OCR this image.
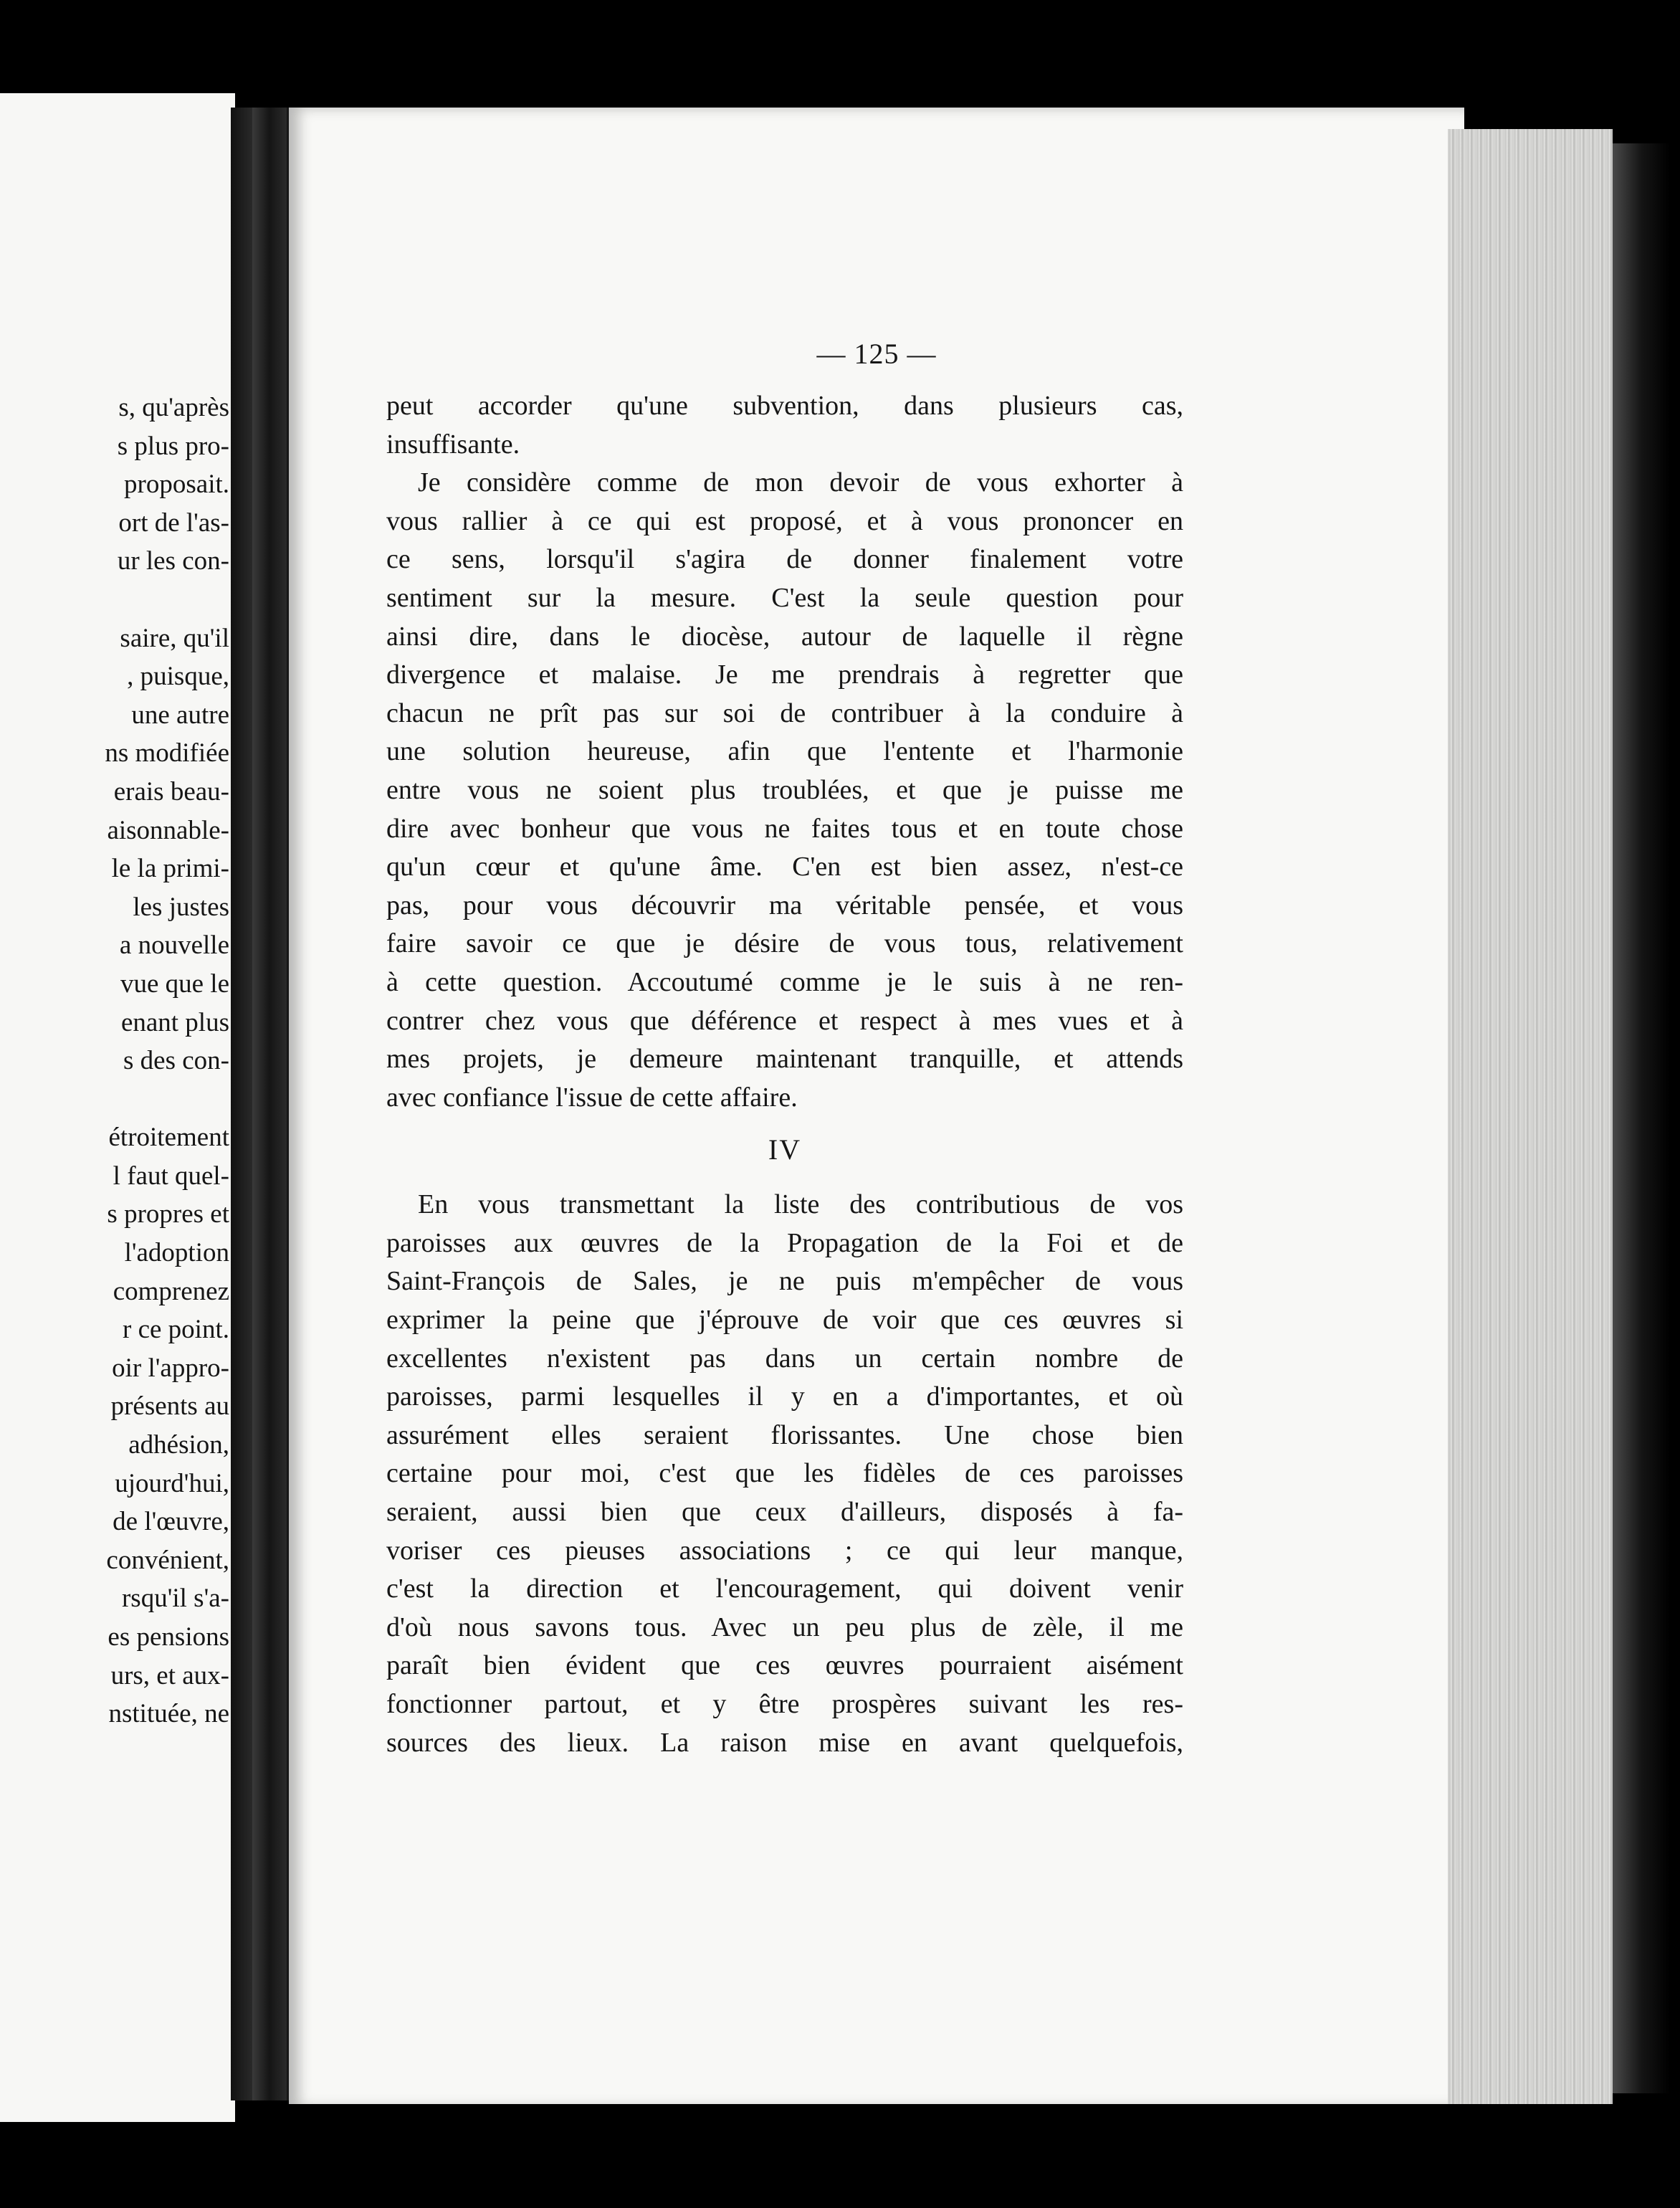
s, qu'après
s plus pro-
proposait.
ort de l'as-
ur les con-
saire, qu'il
, puisque,
une autre
ns modifiée
erais beau-
aisonnable-
le la primi-
les justes
a nouvelle
vue que le
enant plus
s des con-
étroitement
l faut quel-
s propres et
l'adoption
comprenez
r ce point.
oir l'appro-
présents au
adhésion,
ujourd'hui,
de l'œuvre,
convénient,
rsqu'il s'a-
es pensions
urs, et aux-
nstituée, ne
— 125 —
peut accorder qu'une subvention, dans plusieurs cas,
insuffisante.
Je considère comme de mon devoir de vous exhorter à
vous rallier à ce qui est proposé, et à vous prononcer en
ce sens, lorsqu'il s'agira de donner finalement votre
sentiment sur la mesure. C'est la seule question pour
ainsi dire, dans le diocèse, autour de laquelle il règne
divergence et malaise. Je me prendrais à regretter que
chacun ne prît pas sur soi de contribuer à la conduire à
une solution heureuse, afin que l'entente et l'harmonie
entre vous ne soient plus troublées, et que je puisse me
dire avec bonheur que vous ne faites tous et en toute chose
qu'un cœur et qu'une âme. C'en est bien assez, n'est-ce
pas, pour vous découvrir ma véritable pensée, et vous
faire savoir ce que je désire de vous tous, relativement
à cette question. Accoutumé comme je le suis à ne ren-
contrer chez vous que déférence et respect à mes vues et à
mes projets, je demeure maintenant tranquille, et attends
avec confiance l'issue de cette affaire.
IV
En vous transmettant la liste des contributious de vos
paroisses aux œuvres de la Propagation de la Foi et de
Saint-François de Sales, je ne puis m'empêcher de vous
exprimer la peine que j'éprouve de voir que ces œuvres si
excellentes n'existent pas dans un certain nombre de
paroisses, parmi lesquelles il y en a d'importantes, et où
assurément elles seraient florissantes. Une chose bien
certaine pour moi, c'est que les fidèles de ces paroisses
seraient, aussi bien que ceux d'ailleurs, disposés à fa-
voriser ces pieuses associations ; ce qui leur manque,
c'est la direction et l'encouragement, qui doivent venir
d'où nous savons tous. Avec un peu plus de zèle, il me
paraît bien évident que ces œuvres pourraient aisément
fonctionner partout, et y être prospères suivant les res-
sources des lieux. La raison mise en avant quelquefois,
